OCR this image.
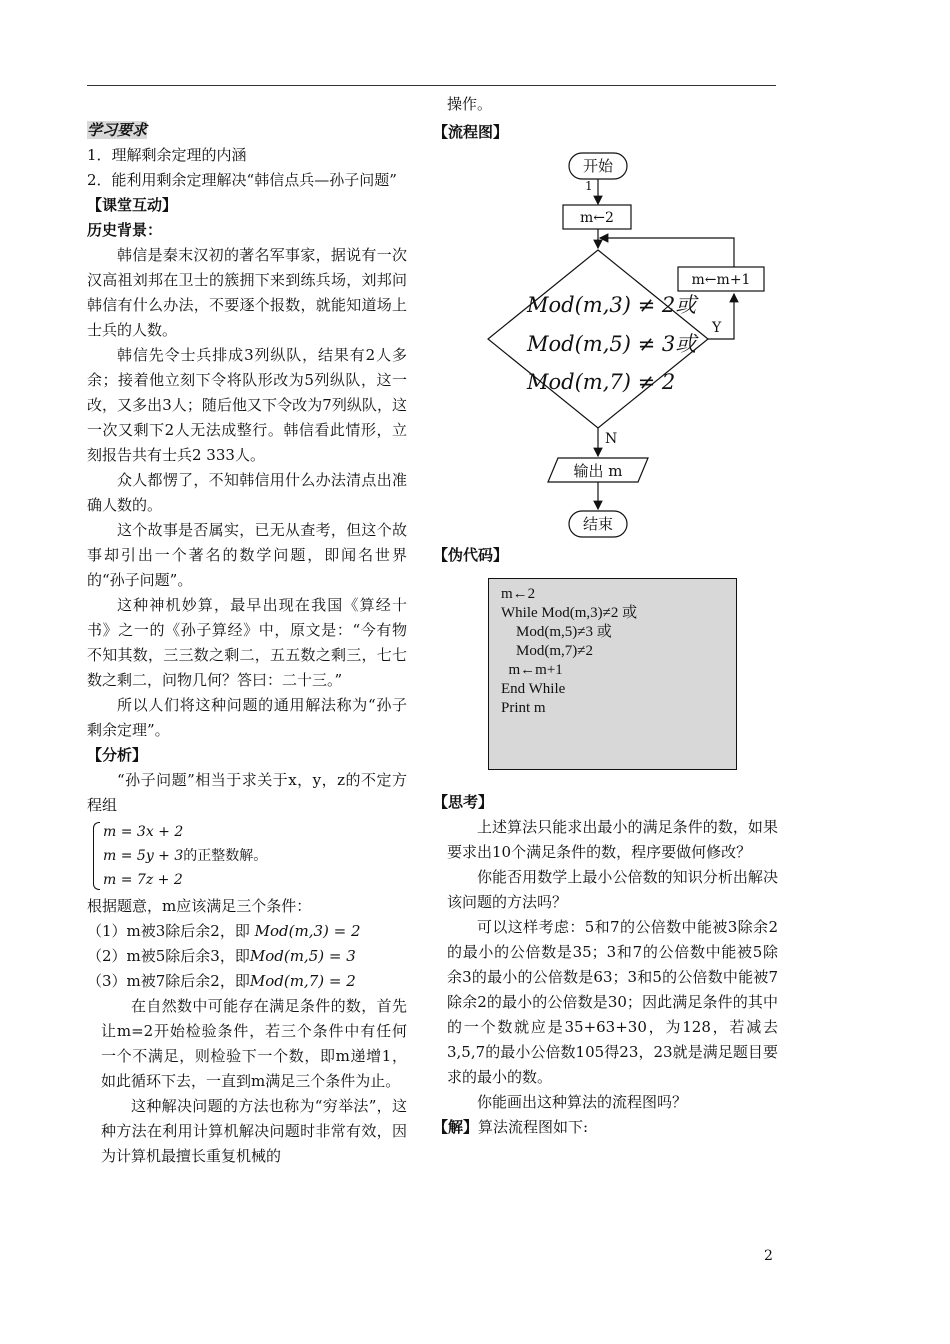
学习要求

1．理解剩余定理的内涵

2．能利用剩余定理解决“韩信点兵—孙子问题”

【课堂互动】

历史背景：

韩信是秦末汉初的著名军事家，据说有一次汉高祖刘邦在卫士的簇拥下来到练兵场，刘邦问韩信有什么办法，不要逐个报数，就能知道场上士兵的人数。

韩信先令士兵排成3列纵队，结果有2人多余；接着他立刻下令将队形改为5列纵队，这一改，又多出3人；随后他又下令改为7列纵队，这一次又剩下2人无法成整行。韩信看此情形，立刻报告共有士兵2 333人。

众人都愣了，不知韩信用什么办法清点出准确人数的。

这个故事是否属实，已无从查考，但这个故事却引出一个著名的数学问题，即闻名世界的“孙子问题”。

这种神机妙算，最早出现在我国《算经十书》之一的《孙子算经》中，原文是：“今有物不知其数，三三数之剩二，五五数之剩三，七七数之剩二，问物几何？答曰：二十三。”

所以人们将这种问题的通用解法称为“孙子剩余定理”。

【分析】

“孙子问题”相当于求关于x，y，z的不定方程组

m = 3x + 2
m = 5y + 3的正整数解。
m = 7z + 2

根据题意，m应该满足三个条件：

（1）m被3除后余2，即 Mod(m,3) = 2

（2）m被5除后余3，即Mod(m,5) = 3

（3）m被7除后余2，即Mod(m,7) = 2

在自然数中可能存在满足条件的数，首先让m=2开始检验条件，若三个条件中有任何一个不满足，则检验下一个数，即m递增1，如此循环下去，一直到m满足三个条件为止。

这种解决问题的方法也称为“穷举法”，这种方法在利用计算机解决问题时非常有效，因为计算机最擅长重复机械的

操作。

【流程图】

开始
1
m←2
Mod(m,3) ≠ 2或
Mod(m,5) ≠ 3或
Mod(m,7) ≠ 2
Y
m←m+1
N
输出 m
结束

【伪代码】

m←2
While Mod(m,3)≠2 或
Mod(m,5)≠3 或
Mod(m,7)≠2
m←m+1
End While
Print m

【思考】

上述算法只能求出最小的满足条件的数，如果要求出10个满足条件的数，程序要做何修改？

你能否用数学上最小公倍数的知识分析出解决该问题的方法吗？

可以这样考虑：5和7的公倍数中能被3除余2的最小的公倍数是35；3和7的公倍数中能被5除余3的最小的公倍数是63；3和5的公倍数中能被7除余2的最小的公倍数是30；因此满足条件的其中的一个数就应是35+63+30，为128，若减去3,5,7的最小公倍数105得23，23就是满足题目要求的最小的数。

你能画出这种算法的流程图吗？

【解】算法流程图如下:

2
